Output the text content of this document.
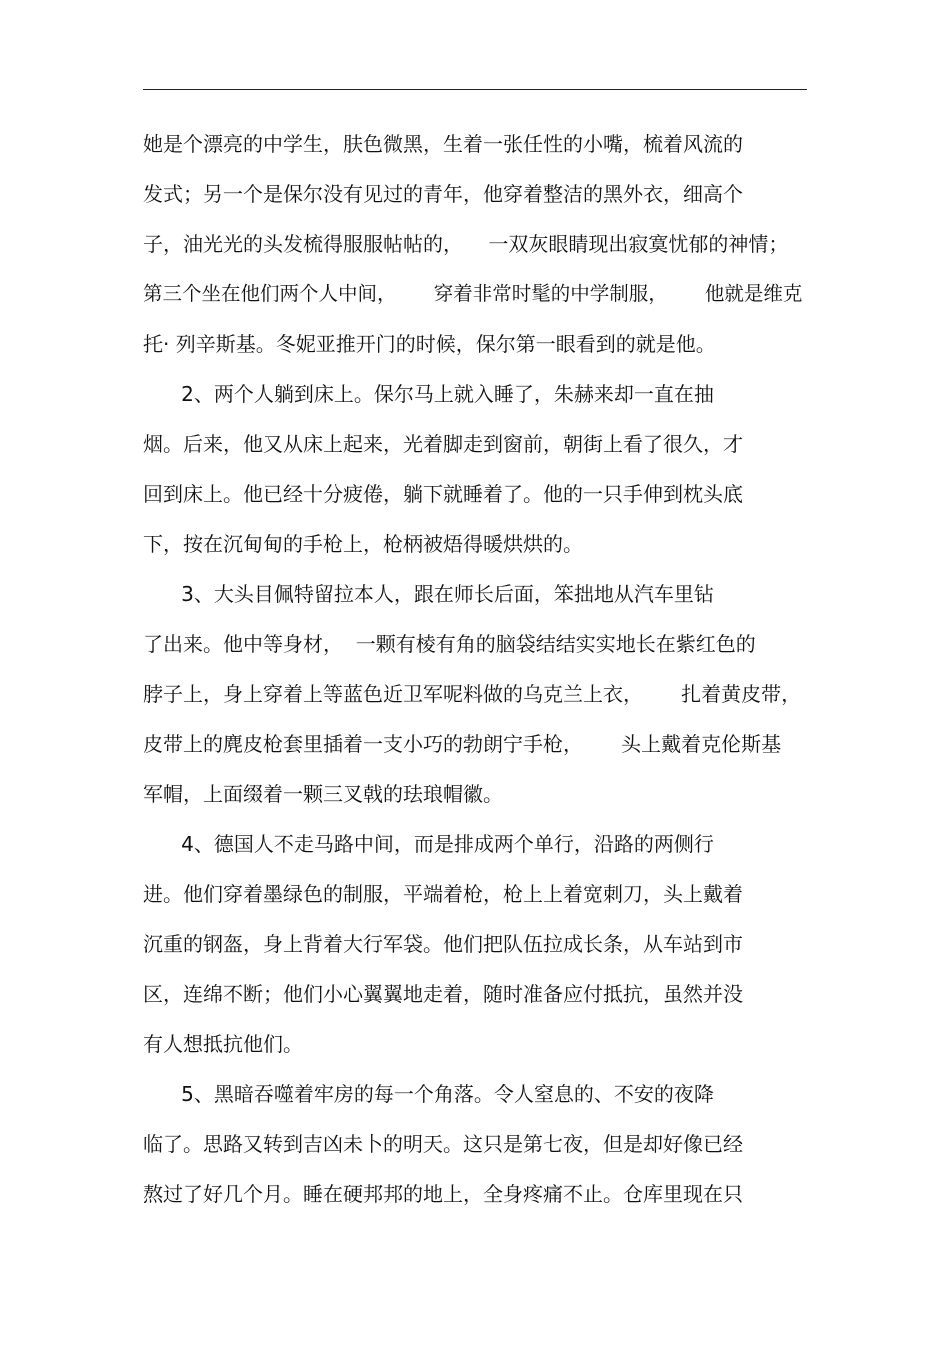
她是个漂亮的中学生，肤色微黑，生着一张任性的小嘴，梳着风流的
发式；另一个是保尔没有见过的青年，他穿着整洁的黑外衣，细高个
子，油光光的头发梳得服服帖帖的，    一双灰眼睛现出寂寞忧郁的神情；
第三个坐在他们两个人中间，      穿着非常时髦的中学制服，      他就是维克
托· 列辛斯基。冬妮亚推开门的时候，保尔第一眼看到的就是他。
2、两个人躺到床上。保尔马上就入睡了，朱赫来却一直在抽
烟。后来，他又从床上起来，光着脚走到窗前，朝街上看了很久，才
回到床上。他已经十分疲倦，躺下就睡着了。他的一只手伸到枕头底
下，按在沉甸甸的手枪上，枪柄被焐得暖烘烘的。
3、大头目佩特留拉本人，跟在师长后面，笨拙地从汽车里钻
了出来。他中等身材，  一颗有棱有角的脑袋结结实实地长在紫红色的
脖子上，身上穿着上等蓝色近卫军呢料做的乌克兰上衣，      扎着黄皮带，
皮带上的麂皮枪套里插着一支小巧的勃朗宁手枪，      头上戴着克伦斯基
军帽，上面缀着一颗三叉戟的珐琅帽徽。
4、德国人不走马路中间，而是排成两个单行，沿路的两侧行
进。他们穿着墨绿色的制服，平端着枪，枪上上着宽刺刀，头上戴着
沉重的钢盔，身上背着大行军袋。他们把队伍拉成长条，从车站到市
区，连绵不断；他们小心翼翼地走着，随时准备应付抵抗，虽然并没
有人想抵抗他们。
5、黑暗吞噬着牢房的每一个角落。令人窒息的、不安的夜降
临了。思路又转到吉凶未卜的明天。这只是第七夜，但是却好像已经
熬过了好几个月。睡在硬邦邦的地上，全身疼痛不止。仓库里现在只
